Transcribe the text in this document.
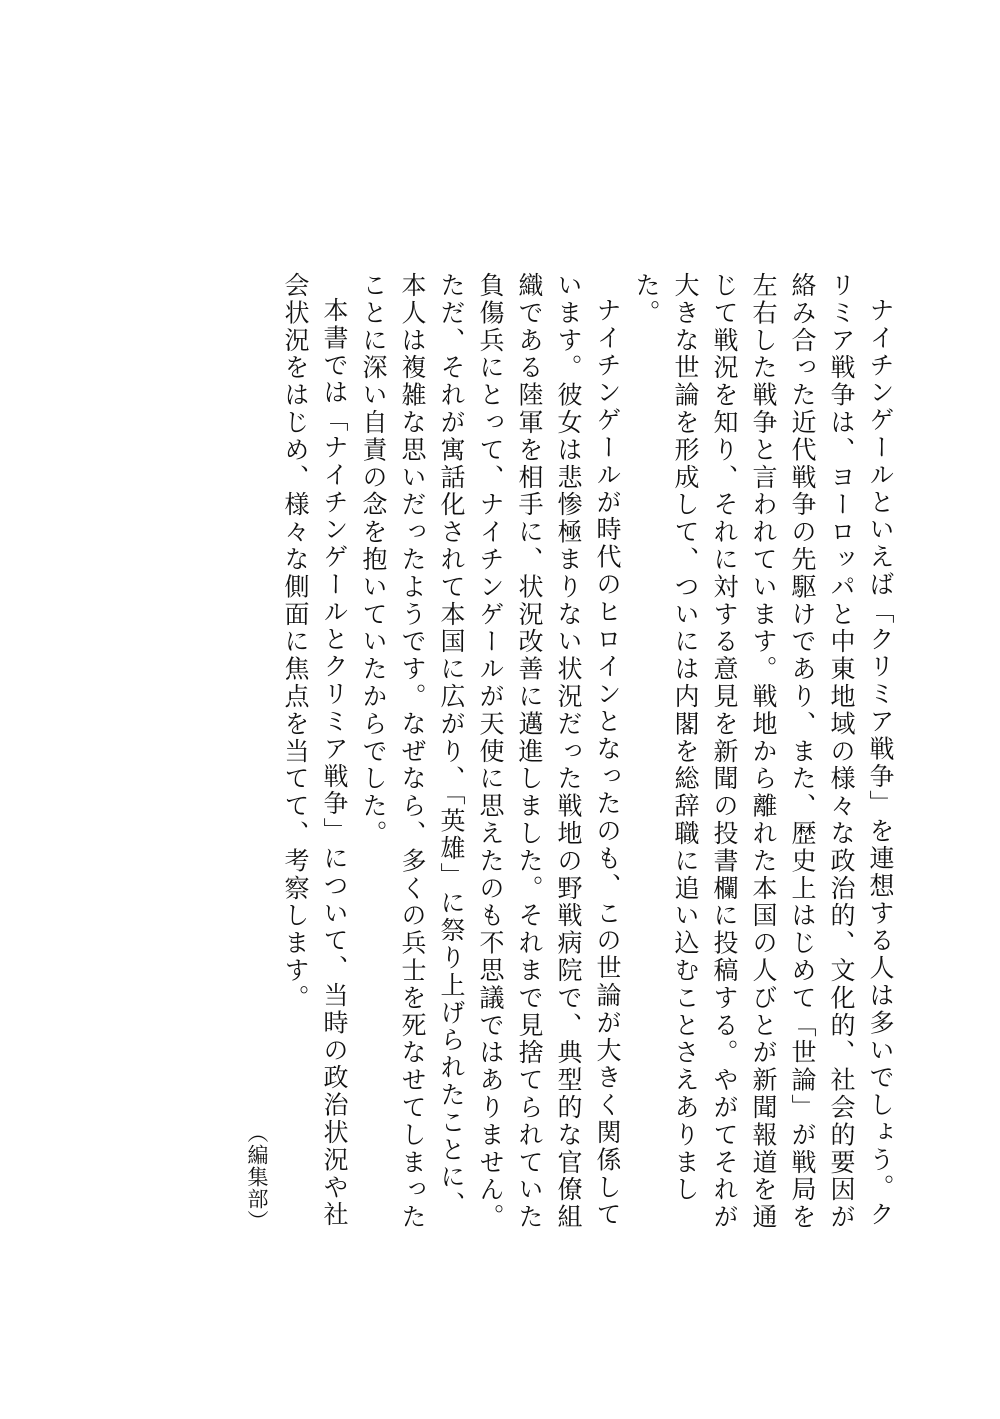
ナイチンゲールといえば「クリミア戦争」を連想する人は多いでしょう。クリミア戦争は、ヨーロッパと中東地域の様々な政治的、文化的、社会的要因が絡み合った近代戦争の先駆けであり、また、歴史上はじめて「世論」が戦局を左右した戦争と言われています。戦地から離れた本国の人びとが新聞報道を通じて戦況を知り、それに対する意見を新聞の投書欄に投稿する。やがてそれが大きな世論を形成して、ついには内閣を総辞職に追い込むことさえありました。

ナイチンゲールが時代のヒロインとなったのも、この世論が大きく関係しています。彼女は悲惨極まりない状況だった戦地の野戦病院で、典型的な官僚組織である陸軍を相手に、状況改善に邁進しました。それまで見捨てられていた負傷兵にとって、ナイチンゲールが天使に思えたのも不思議ではありません。ただ、それが寓話化されて本国に広がり、「英雄」に祭り上げられたことに、本人は複雑な思いだったようです。なぜなら、多くの兵士を死なせてしまったことに深い自責の念を抱いていたからでした。

本書では「ナイチンゲールとクリミア戦争」について、当時の政治状況や社会状況をはじめ、様々な側面に焦点を当てて、考察します。

（編集部）
